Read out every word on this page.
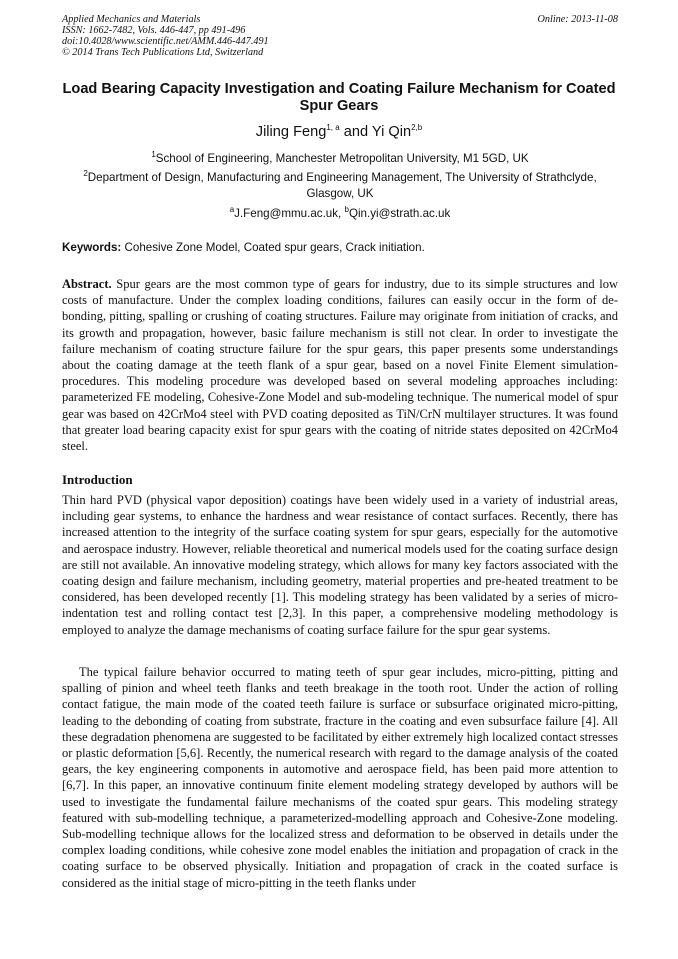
Applied Mechanics and Materials
ISSN: 1662-7482, Vols. 446-447, pp 491-496
doi:10.4028/www.scientific.net/AMM.446-447.491
© 2014 Trans Tech Publications Ltd, Switzerland
Online: 2013-11-08
Load Bearing Capacity Investigation and Coating Failure Mechanism for Coated Spur Gears
Jiling Feng$^{1, a}$ and Yi Qin$^{2,b}$
$^1$School of Engineering, Manchester Metropolitan University, M1 5GD, UK
$^2$Department of Design, Manufacturing and Engineering Management, The University of Strathclyde, Glasgow, UK
$^a$J.Feng@mmu.ac.uk, $^b$Qin.yi@strath.ac.uk
Keywords: Cohesive Zone Model, Coated spur gears, Crack initiation.
Abstract. Spur gears are the most common type of gears for industry, due to its simple structures and low costs of manufacture. Under the complex loading conditions, failures can easily occur in the form of de-bonding, pitting, spalling or crushing of coating structures. Failure may originate from initiation of cracks, and its growth and propagation, however, basic failure mechanism is still not clear. In order to investigate the failure mechanism of coating structure failure for the spur gears, this paper presents some understandings about the coating damage at the teeth flank of a spur gear, based on a novel Finite Element simulation-procedures. This modeling procedure was developed based on several modeling approaches including: parameterized FE modeling, Cohesive-Zone Model and sub-modeling technique. The numerical model of spur gear was based on 42CrMo4 steel with PVD coating deposited as TiN/CrN multilayer structures. It was found that greater load bearing capacity exist for spur gears with the coating of nitride states deposited on 42CrMo4 steel.
Introduction
Thin hard PVD (physical vapor deposition) coatings have been widely used in a variety of industrial areas, including gear systems, to enhance the hardness and wear resistance of contact surfaces. Recently, there has increased attention to the integrity of the surface coating system for spur gears, especially for the automotive and aerospace industry. However, reliable theoretical and numerical models used for the coating surface design are still not available. An innovative modeling strategy, which allows for many key factors associated with the coating design and failure mechanism, including geometry, material properties and pre-heated treatment to be considered, has been developed recently [1]. This modeling strategy has been validated by a series of micro-indentation test and rolling contact test [2,3]. In this paper, a comprehensive modeling methodology is employed to analyze the damage mechanisms of coating surface failure for the spur gear systems.
The typical failure behavior occurred to mating teeth of spur gear includes, micro-pitting, pitting and spalling of pinion and wheel teeth flanks and teeth breakage in the tooth root. Under the action of rolling contact fatigue, the main mode of the coated teeth failure is surface or subsurface originated micro-pitting, leading to the debonding of coating from substrate, fracture in the coating and even subsurface failure [4]. All these degradation phenomena are suggested to be facilitated by either extremely high localized contact stresses or plastic deformation [5,6]. Recently, the numerical research with regard to the damage analysis of the coated gears, the key engineering components in automotive and aerospace field, has been paid more attention to [6,7]. In this paper, an innovative continuum finite element modeling strategy developed by authors will be used to investigate the fundamental failure mechanisms of the coated spur gears. This modeling strategy featured with sub-modelling technique, a parameterized-modelling approach and Cohesive-Zone modeling. Sub-modelling technique allows for the localized stress and deformation to be observed in details under the complex loading conditions, while cohesive zone model enables the initiation and propagation of crack in the coating surface to be observed physically. Initiation and propagation of crack in the coated surface is considered as the initial stage of micro-pitting in the teeth flanks under
